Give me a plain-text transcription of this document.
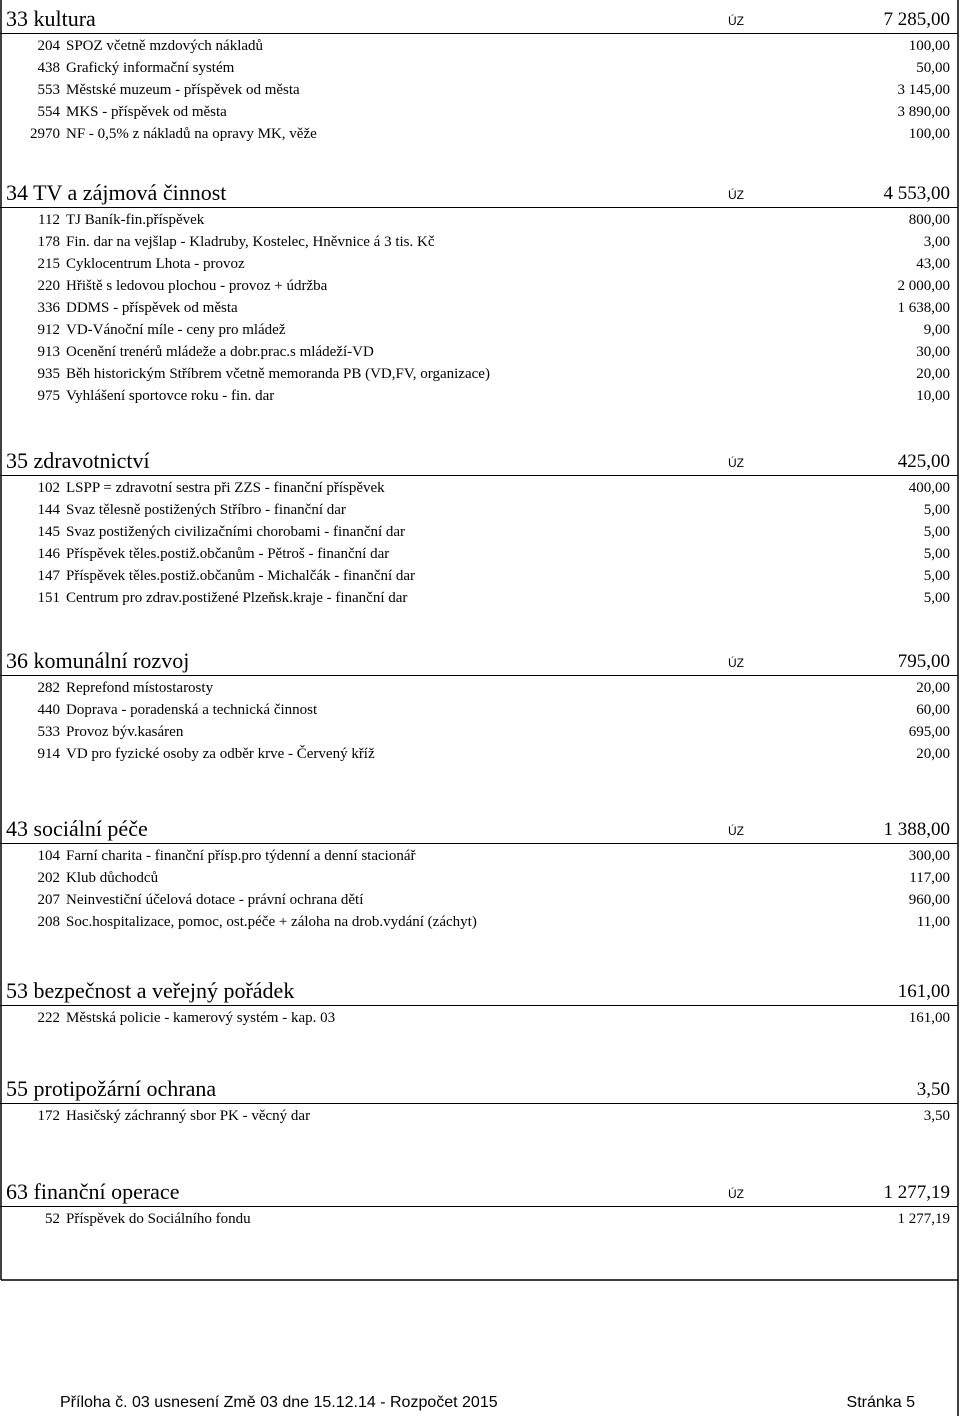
33 kultura	ÚZ	7 285,00
204 SPOZ včetně mzdových nákladů	100,00
438 Grafický informační systém	50,00
553 Městské muzeum - příspěvek od města	3 145,00
554 MKS - příspěvek od města	3 890,00
2970 NF - 0,5% z nákladů na opravy MK, věže	100,00
34 TV a zájmová činnost	ÚZ	4 553,00
112 TJ Baník-fin.příspěvek	800,00
178 Fin. dar na vejšlap - Kladruby, Kostelec, Hněvnice á 3 tis. Kč	3,00
215 Cyklocentrum Lhota - provoz	43,00
220 Hřiště s ledovou plochou - provoz + údržba	2 000,00
336 DDMS - příspěvek od města	1 638,00
912 VD-Vánoční míle - ceny pro mládež	9,00
913 Ocenění trenérů mládeže a dobr.prac.s mládeží-VD	30,00
935 Běh historickým Stříbrem včetně memoranda PB (VD,FV, organizace)	20,00
975 Vyhlášení sportovce roku - fin. dar	10,00
35 zdravotnictví	ÚZ	425,00
102 LSPP = zdravotní sestra při ZZS - finanční příspěvek	400,00
144 Svaz tělesně postižených Stříbro - finanční dar	5,00
145 Svaz postižených civilizačními chorobami - finanční dar	5,00
146 Příspěvek těles.postiž.občanům - Pětroš - finanční dar	5,00
147 Příspěvek těles.postiž.občanům - Michalčák - finanční dar	5,00
151 Centrum pro zdrav.postižené Plzeňsk.kraje - finanční dar	5,00
36 komunální rozvoj	ÚZ	795,00
282 Reprefond místostarosty	20,00
440 Doprava - poradenská a technická činnost	60,00
533 Provoz býv.kasáren	695,00
914 VD pro fyzické osoby za odběr krve - Červený kříž	20,00
43 sociální péče	ÚZ	1 388,00
104 Farní charita - finanční přísp.pro týdenní a denní stacionář	300,00
202 Klub důchodců	117,00
207 Neinvestiční účelová dotace - právní ochrana dětí	960,00
208 Soc.hospitalizace, pomoc, ost.péče + záloha na drob.vydání (záchyt)	11,00
53 bezpečnost a veřejný pořádek	161,00
222 Městská policie - kamerový systém - kap. 03	161,00
55 protipožární ochrana	3,50
172 Hasičský záchranný sbor PK - věcný dar	3,50
63 finanční operace	ÚZ	1 277,19
52 Příspěvek do Sociálního fondu	1 277,19
Příloha č. 03 usnesení Změ 03 dne 15.12.14 - Rozpočet 2015	Stránka 5
